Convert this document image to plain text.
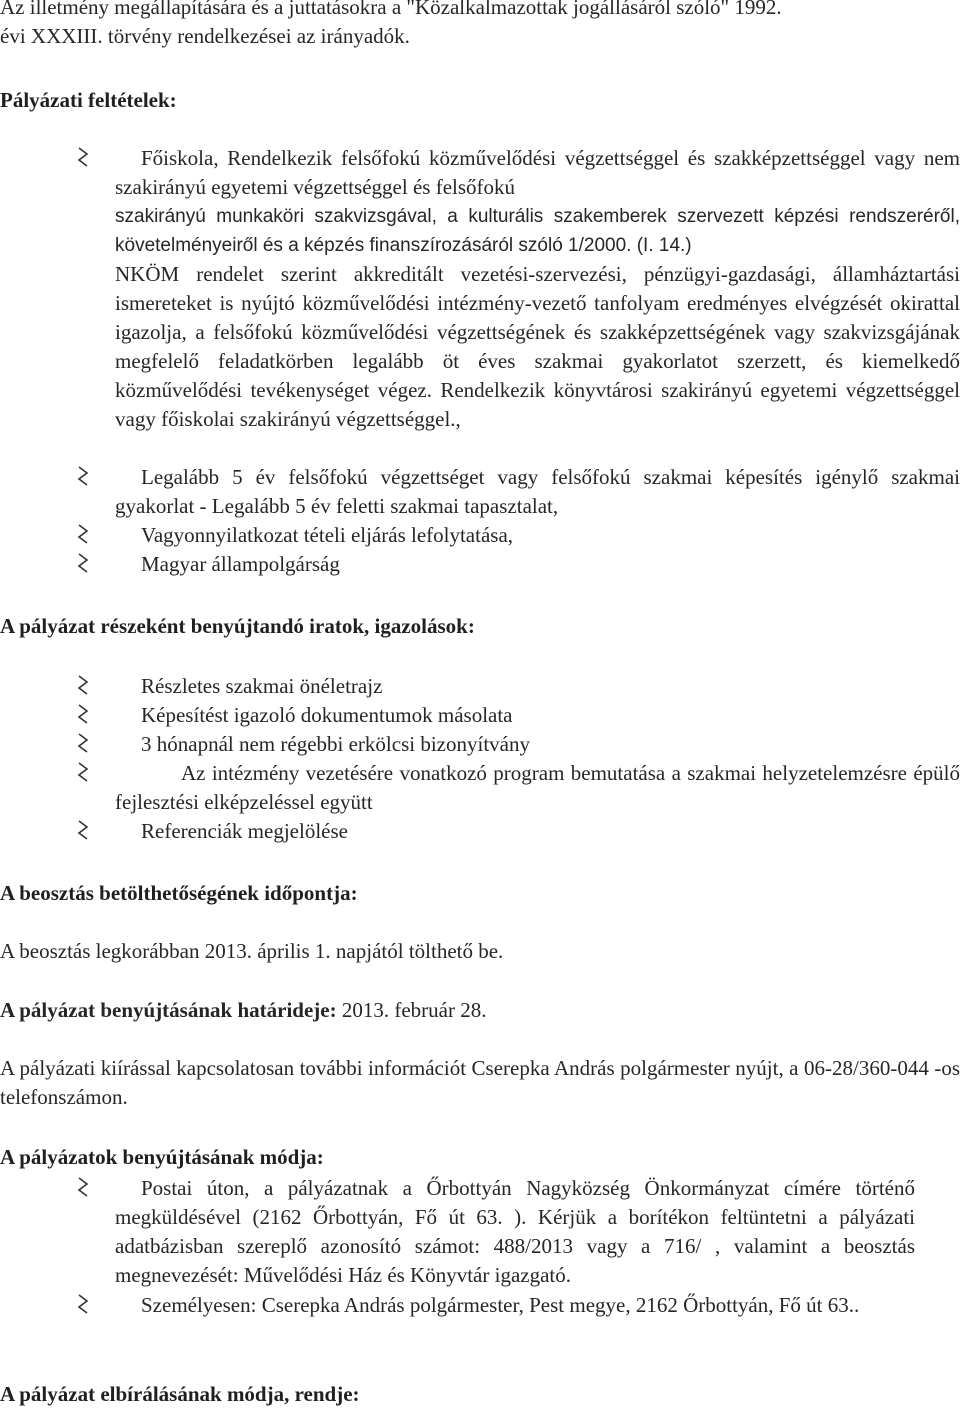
Az illetmény megállapítására és a juttatásokra a "Közalkalmazottak jogállásáról szóló" 1992.

évi XXXIII. törvény rendelkezései az irányadók.

Pályázati feltételek:

Főiskola, Rendelkezik felsőfokú közművelődési végzettséggel és szakképzettséggel vagy nem szakirányú egyetemi végzettséggel és felsőfokú

szakirányú munkaköri szakvizsgával, a kulturális szakemberek szervezett képzési rendszeréről, követelményeiről és a képzés finanszírozásáról szóló 1/2000. (I. 14.)

NKÖM rendelet szerint akkreditált vezetési-szervezési, pénzügyi-gazdasági, államháztartási ismereteket is nyújtó közművelődési intézmény-vezető tanfolyam eredményes elvégzését okirattal igazolja, a felsőfokú közművelődési végzettségének és szakképzettségének vagy szakvizsgájának megfelelő feladatkörben legalább öt éves szakmai gyakorlatot szerzett, és kiemelkedő közművelődési tevékenységet végez. Rendelkezik könyvtárosi szakirányú egyetemi végzettséggel vagy főiskolai szakirányú végzettséggel.,

Legalább 5 év felsőfokú végzettséget vagy felsőfokú szakmai képesítés igénylő szakmai gyakorlat - Legalább 5 év feletti szakmai tapasztalat,

Vagyonnyilatkozat tételi eljárás lefolytatása,

Magyar állampolgárság

A pályázat részeként benyújtandó iratok, igazolások:

Részletes szakmai önéletrajz

Képesítést igazoló dokumentumok másolata

3 hónapnál nem régebbi erkölcsi bizonyítvány

Az intézmény vezetésére vonatkozó program bemutatása a szakmai helyzetelemzésre épülő fejlesztési elképzeléssel együtt

Referenciák megjelölése

A beosztás betölthetőségének időpontja:

A beosztás legkorábban 2013. április 1. napjától tölthető be.

A pályázat benyújtásának határideje: 2013. február 28.

A pályázati kiírással kapcsolatosan további információt Cserepka András polgármester nyújt, a 06-28/360-044 -os telefonszámon.

A pályázatok benyújtásának módja:

Postai úton, a pályázatnak a Őrbottyán Nagyközség Önkormányzat címére történő megküldésével (2162 Őrbottyán, Fő út 63. ). Kérjük a borítékon feltüntetni a pályázati adatbázisban szereplő azonosító számot: 488/2013 vagy a 716/ , valamint a beosztás megnevezését: Művelődési Ház és Könyvtár igazgató.

Személyesen: Cserepka András polgármester, Pest megye, 2162 Őrbottyán, Fő út 63..

A pályázat elbírálásának módja, rendje:
